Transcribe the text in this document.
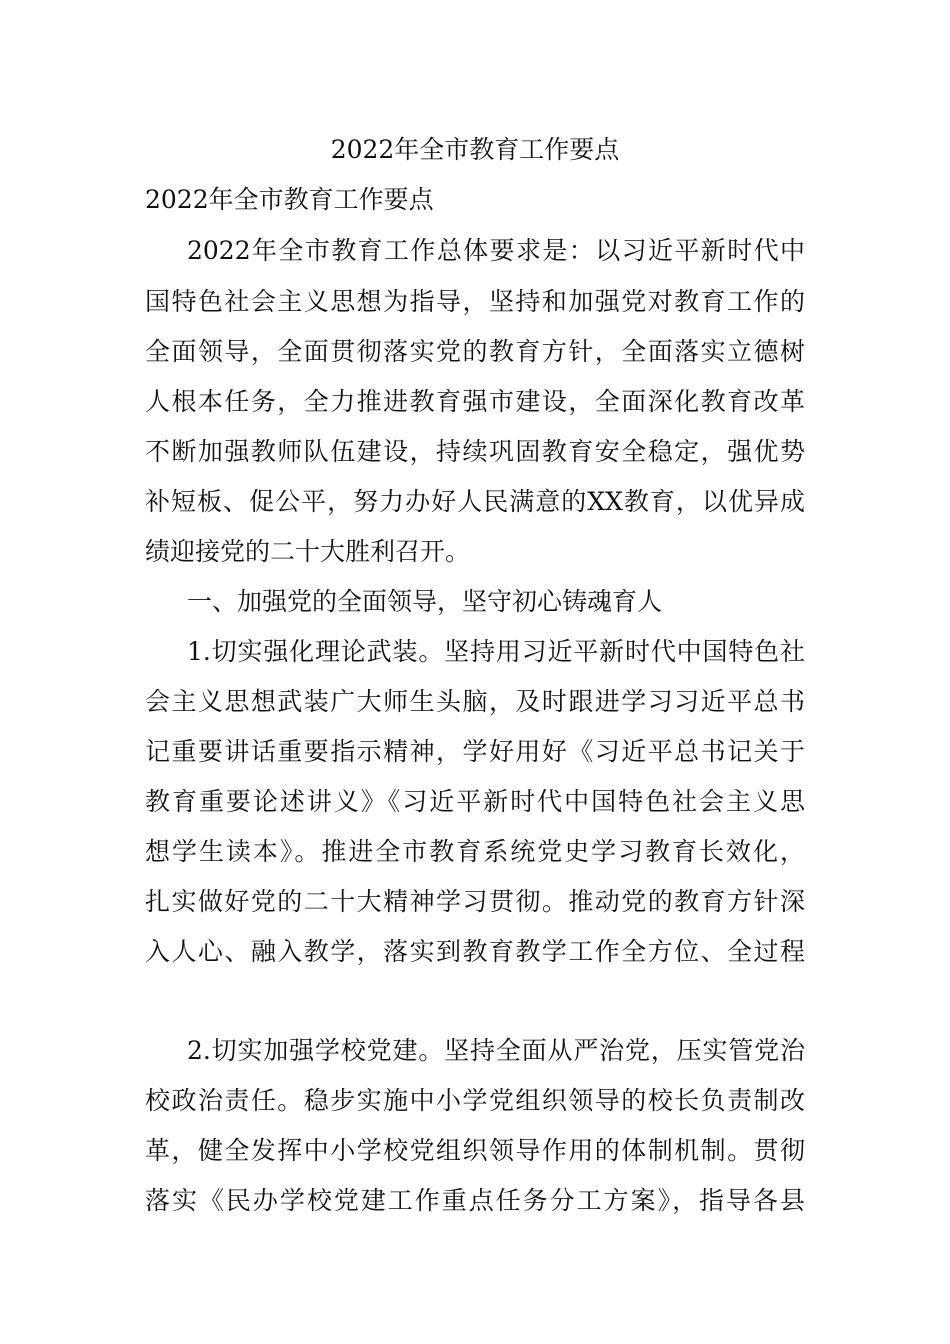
2022年全市教育工作要点
2022年全市教育工作要点
2022年全市教育工作总体要求是：以习近平新时代中
国特色社会主义思想为指导，坚持和加强党对教育工作的
全面领导，全面贯彻落实党的教育方针，全面落实立德树
人根本任务，全力推进教育强市建设，全面深化教育改革
不断加强教师队伍建设，持续巩固教育安全稳定，强优势
补短板、促公平，努力办好人民满意的XX教育，以优异成
绩迎接党的二十大胜利召开。
一、加强党的全面领导，坚守初心铸魂育人
1.切实强化理论武装。坚持用习近平新时代中国特色社
会主义思想武装广大师生头脑，及时跟进学习习近平总书
记重要讲话重要指示精神，学好用好《习近平总书记关于
教育重要论述讲义》《习近平新时代中国特色社会主义思
想学生读本》。推进全市教育系统党史学习教育长效化，
扎实做好党的二十大精神学习贯彻。推动党的教育方针深
入人心、融入教学，落实到教育教学工作全方位、全过程
2.切实加强学校党建。坚持全面从严治党，压实管党治
校政治责任。稳步实施中小学党组织领导的校长负责制改
革，健全发挥中小学校党组织领导作用的体制机制。贯彻
落实《民办学校党建工作重点任务分工方案》，指导各县
